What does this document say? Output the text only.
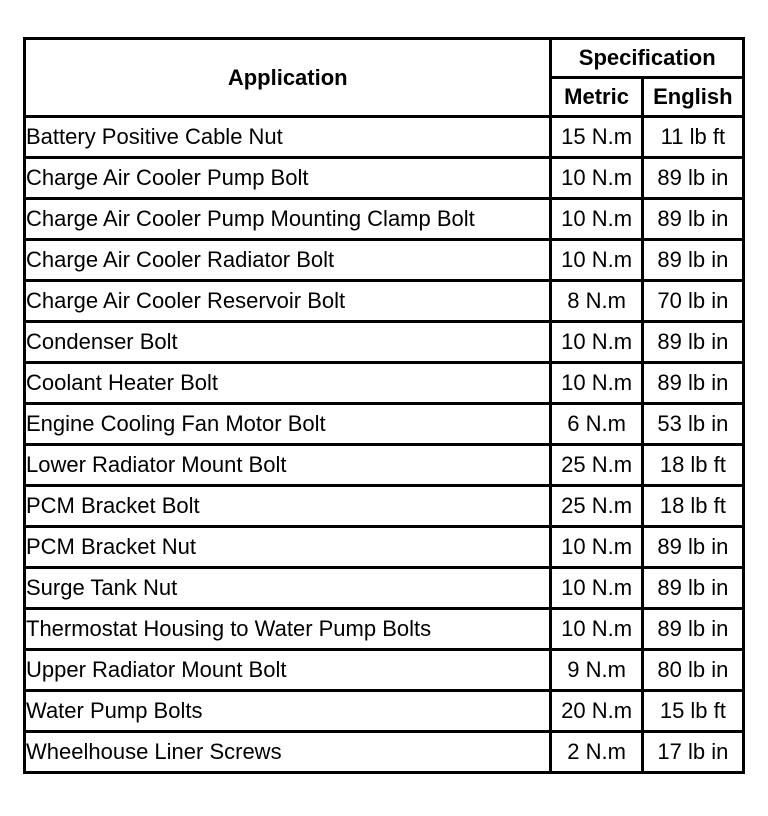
Application	Specification	
	Metric	English
Battery Positive Cable Nut	15 N.m	11 lb ft
Charge Air Cooler Pump Bolt	10 N.m	89 lb in
Charge Air Cooler Pump Mounting Clamp Bolt	10 N.m	89 lb in
Charge Air Cooler Radiator Bolt	10 N.m	89 lb in
Charge Air Cooler Reservoir Bolt	8 N.m	70 lb in
Condenser Bolt	10 N.m	89 lb in
Coolant Heater Bolt	10 N.m	89 lb in
Engine Cooling Fan Motor Bolt	6 N.m	53 lb in
Lower Radiator Mount Bolt	25 N.m	18 lb ft
PCM Bracket Bolt	25 N.m	18 lb ft
PCM Bracket Nut	10 N.m	89 lb in
Surge Tank Nut	10 N.m	89 lb in
Thermostat Housing to Water Pump Bolts	10 N.m	89 lb in
Upper Radiator Mount Bolt	9 N.m	80 lb in
Water Pump Bolts	20 N.m	15 lb ft
Wheelhouse Liner Screws	2 N.m	17 lb in
